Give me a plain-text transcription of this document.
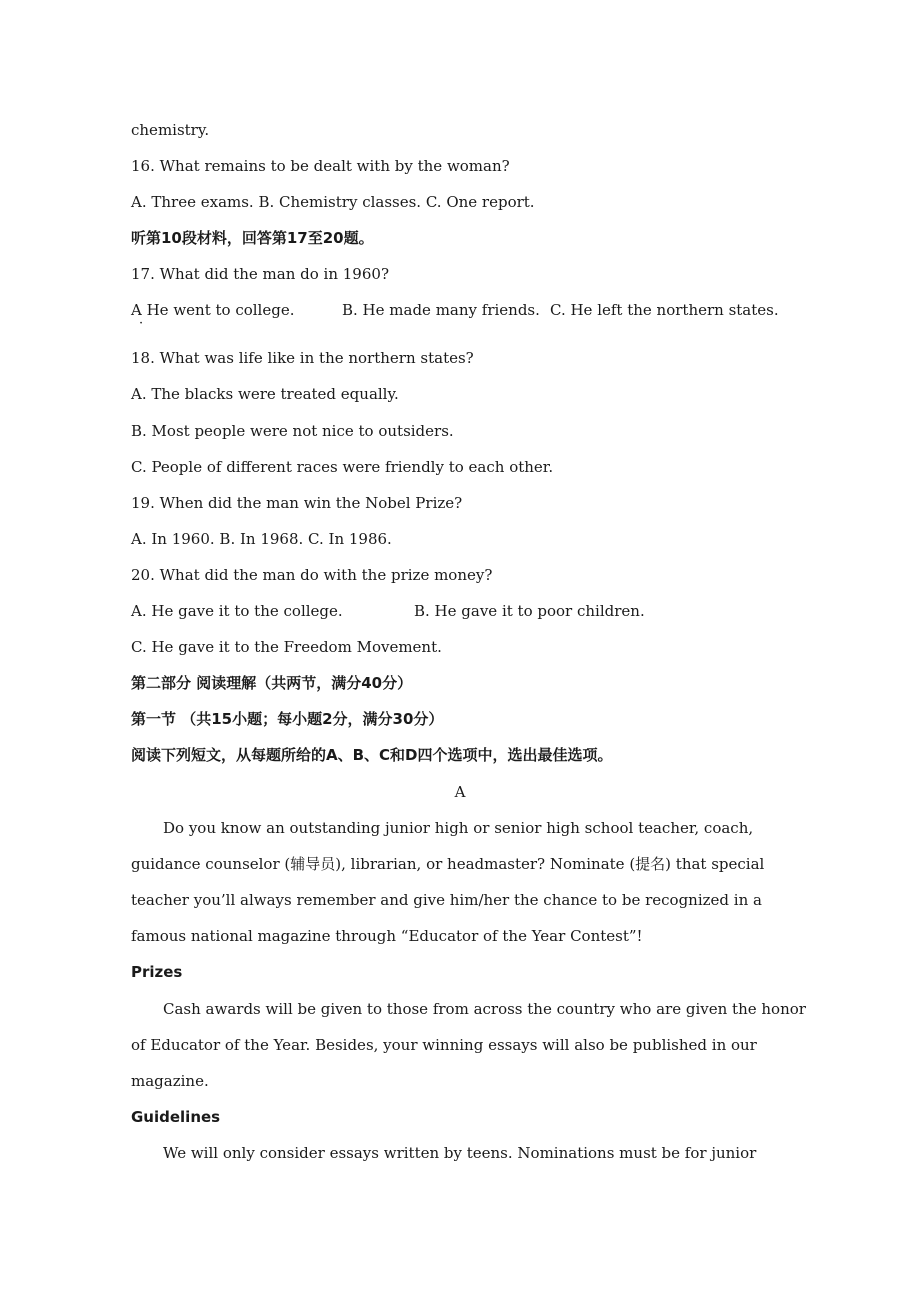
chemistry.
16. What remains to be dealt with by the woman?
A. Three exams. B. Chemistry classes. C. One report.
听第10段材料，回答第17至20题。
17. What did the man do in 1960?
A He went to college.	B. He made many friends. C. He left the northern states.
·
18. What was life like in the northern states?
A. The blacks were treated equally.
B. Most people were not nice to outsiders.
C. People of different races were friendly to each other.
19. When did the man win the Nobel Prize?
A. In 1960. B. In 1968. C. In 1986.
20. What did the man do with the prize money?
A. He gave it to the college.	B. He gave it to poor children.
C. He gave it to the Freedom Movement.
第二部分 阅读理解（共两节，满分40分）
第一节 （共15小题；每小题2分，满分30分）
阅读下列短文，从每题所给的A、B、C和D四个选项中，选出最佳选项。
A
Do you know an outstanding junior high or senior high school teacher, coach,
guidance counselor (辅导员), librarian, or headmaster? Nominate (提名) that special
teacher you’ll always remember and give him/her the chance to be recognized in a
famous national magazine through “Educator of the Year Contest”!
Prizes
Cash awards will be given to those from across the country who are given the honor
of Educator of the Year. Besides, your winning essays will also be published in our
magazine.
Guidelines
We will only consider essays written by teens. Nominations must be for junior
